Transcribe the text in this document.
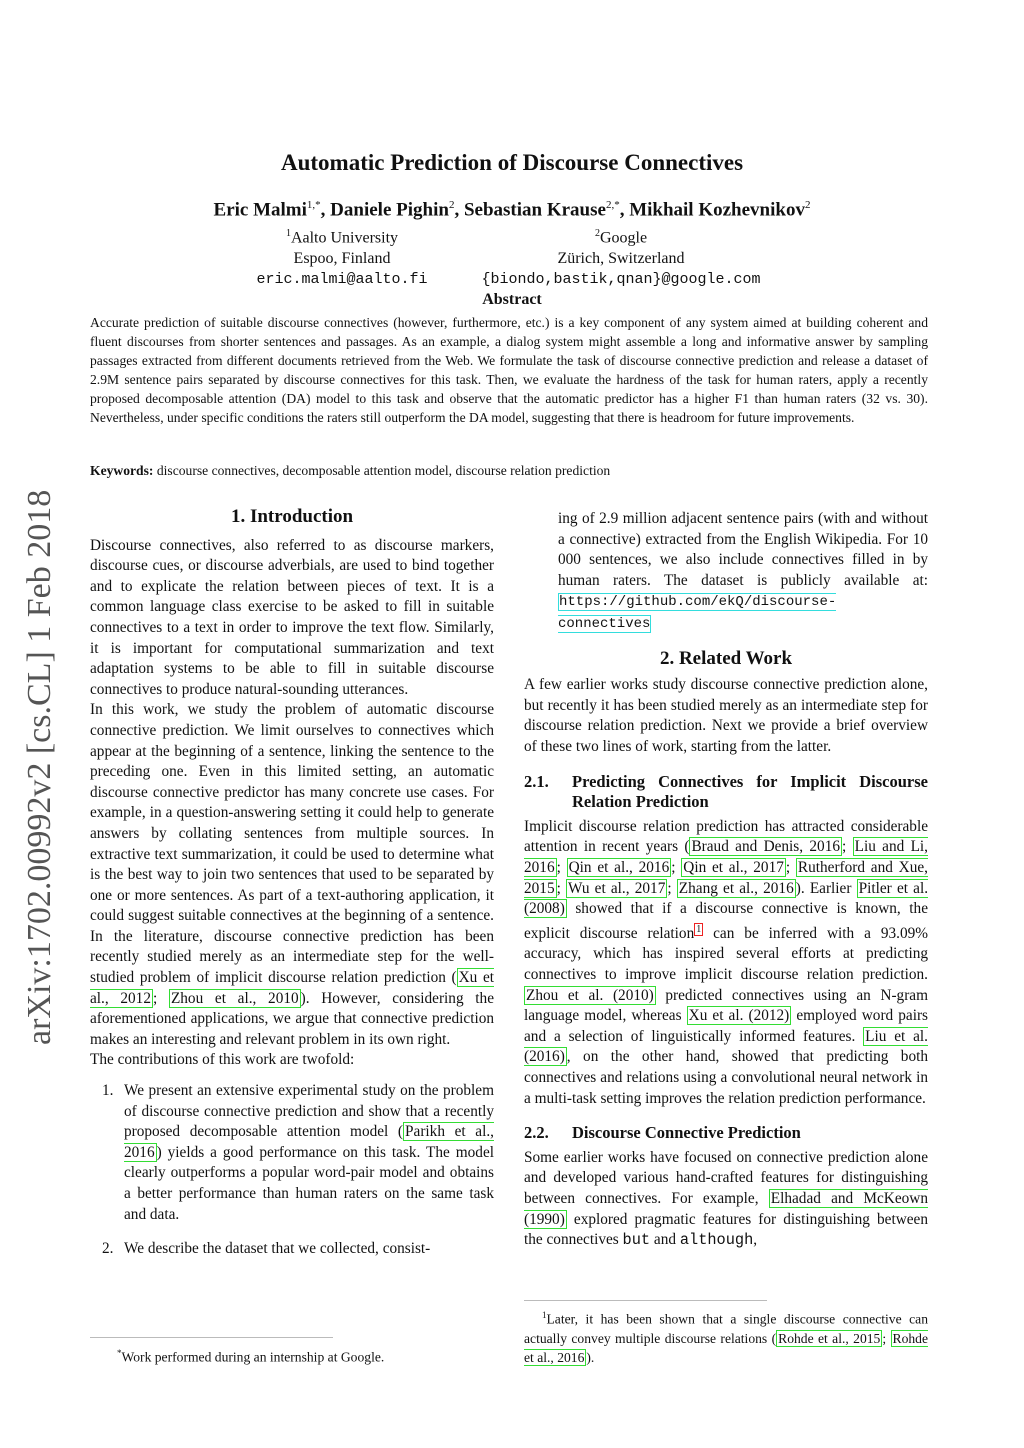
arXiv:1702.00992v2 [cs.CL] 1 Feb 2018
Automatic Prediction of Discourse Connectives
Eric Malmi$^{1,*}$, Daniele Pighin$^2$, Sebastian Krause$^{2,*}$, Mikhail Kozhevnikov$^2$
$^1$Aalto University
Espoo, Finland
eric.malmi@aalto.fi
$^2$Google
Zürich, Switzerland
{biondo,bastik,qnan}@google.com
Abstract
Accurate prediction of suitable discourse connectives (however, furthermore, etc.) is a key component of any system aimed at building coherent and fluent discourses from shorter sentences and passages. As an example, a dialog system might assemble a long and informative answer by sampling passages extracted from different documents retrieved from the Web. We formulate the task of discourse connective prediction and release a dataset of 2.9M sentence pairs separated by discourse connectives for this task. Then, we evaluate the hardness of the task for human raters, apply a recently proposed decomposable attention (DA) model to this task and observe that the automatic predictor has a higher F1 than human raters (32 vs. 30). Nevertheless, under specific conditions the raters still outperform the DA model, suggesting that there is headroom for future improvements.
Keywords: discourse connectives, decomposable attention model, discourse relation prediction
1. Introduction

Discourse connectives, also referred to as discourse markers, discourse cues, or discourse adverbials, are used to bind together and to explicate the relation between pieces of text. It is a common language class exercise to be asked to fill in suitable connectives to a text in order to improve the text flow. Similarly, it is important for computational summarization and text adaptation systems to be able to fill in suitable discourse connectives to produce natural-sounding utterances.

In this work, we study the problem of automatic discourse connective prediction. We limit ourselves to connectives which appear at the beginning of a sentence, linking the sentence to the preceding one. Even in this limited setting, an automatic discourse connective predictor has many concrete use cases. For example, in a question-answering setting it could help to generate answers by collating sentences from multiple sources. In extractive text summarization, it could be used to determine what is the best way to join two sentences that used to be separated by one or more sentences. As part of a text-authoring application, it could suggest suitable connectives at the beginning of a sentence. In the literature, discourse connective prediction has been recently studied merely as an intermediate step for the well-studied problem of implicit discourse relation prediction ( Xu et al., 2012 ; Zhou et al., 2010 ). However, considering the aforementioned applications, we argue that connective prediction makes an interesting and relevant problem in its own right.

The contributions of this work are twofold:

1. We present an extensive experimental study on the problem of discourse connective prediction and show that a recently proposed decomposable attention model ( Parikh et al., 2016 ) yields a good performance on this task. The model clearly outperforms a popular word-pair model and obtains a better performance than human raters on the same task and data.
2. We describe the dataset that we collected, consist-
*Work performed during an internship at Google.

ing of 2.9 million adjacent sentence pairs (with and without a connective) extracted from the English Wikipedia. For 10 000 sentences, we also include connectives filled in by human raters. The dataset is publicly available at: https://github.com/ekQ/discourse-connectives

2. Related Work

A few earlier works study discourse connective prediction alone, but recently it has been studied merely as an intermediate step for discourse relation prediction. Next we provide a brief overview of these two lines of work, starting from the latter.

2.1.	Predicting Connectives for Implicit Discourse Relation Prediction

Implicit discourse relation prediction has attracted considerable attention in recent years ( Braud and Denis, 2016 ; Liu and Li, 2016 ; Qin et al., 2016 ; Qin et al., 2017 ; Rutherford and Xue, 2015 ; Wu et al., 2017 ; Zhang et al., 2016 ). Earlier Pitler et al. (2008) showed that if a discourse connective is known, the explicit discourse relation $^1$ can be inferred with a 93.09% accuracy, which has inspired several efforts at predicting connectives to improve implicit discourse relation prediction. Zhou et al. (2010) predicted connectives using an N-gram language model, whereas Xu et al. (2012) employed word pairs and a selection of linguistically informed features. Liu et al. (2016) , on the other hand, showed that predicting both connectives and relations using a convolutional neural network in a multi-task setting improves the relation prediction performance.

2.2.	Discourse Connective Prediction

Some earlier works have focused on connective prediction alone and developed various hand-crafted features for distinguishing between connectives. For example, Elhadad and McKeown (1990) explored pragmatic features for distinguishing between the connectives but and although,

$^1$Later, it has been shown that a single discourse connective can actually convey multiple discourse relations ( Rohde et al., 2015 ; Rohde et al., 2016 ).
